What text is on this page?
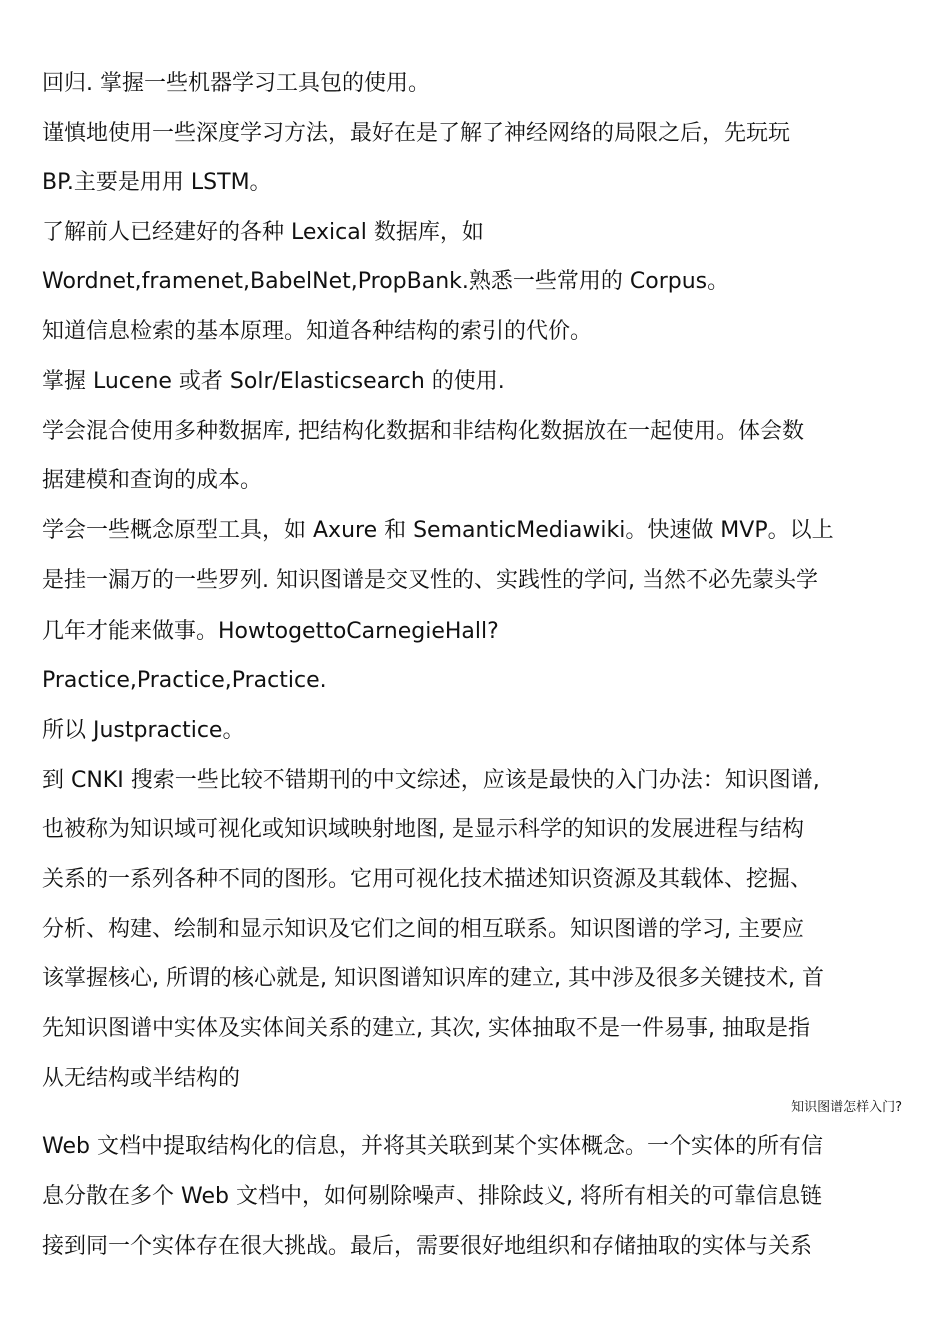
回归. 掌握一些机器学习工具包的使用。
谨慎地使用一些深度学习方法，最好在是了解了神经网络的局限之后，先玩玩
BP.主要是用用 LSTM。
了解前人已经建好的各种 Lexical 数据库，如
Wordnet,framenet,BabelNet,PropBank.熟悉一些常用的 Corpus。
知道信息检索的基本原理。知道各种结构的索引的代价。
掌握 Lucene 或者 Solr/Elasticsearch 的使用.
学会混合使用多种数据库, 把结构化数据和非结构化数据放在一起使用。体会数
据建模和查询的成本。
学会一些概念原型工具，如 Axure 和 SemanticMediawiki。快速做 MVP。以上
是挂一漏万的一些罗列. 知识图谱是交叉性的、实践性的学问, 当然不必先蒙头学
几年才能来做事。HowtogettoCarnegieHall?
Practice,Practice,Practice.
所以 Justpractice。
到 CNKI 搜索一些比较不错期刊的中文综述，应该是最快的入门办法：知识图谱,
也被称为知识域可视化或知识域映射地图, 是显示科学的知识的发展进程与结构
关系的一系列各种不同的图形。它用可视化技术描述知识资源及其载体、挖掘、
分析、构建、绘制和显示知识及它们之间的相互联系。知识图谱的学习, 主要应
该掌握核心, 所谓的核心就是, 知识图谱知识库的建立, 其中涉及很多关键技术, 首
先知识图谱中实体及实体间关系的建立, 其次, 实体抽取不是一件易事, 抽取是指
从无结构或半结构的
知识图谱怎样入门?
Web 文档中提取结构化的信息，并将其关联到某个实体概念。一个实体的所有信
息分散在多个 Web 文档中，如何剔除噪声、排除歧义, 将所有相关的可靠信息链
接到同一个实体存在很大挑战。最后，需要很好地组织和存储抽取的实体与关系
